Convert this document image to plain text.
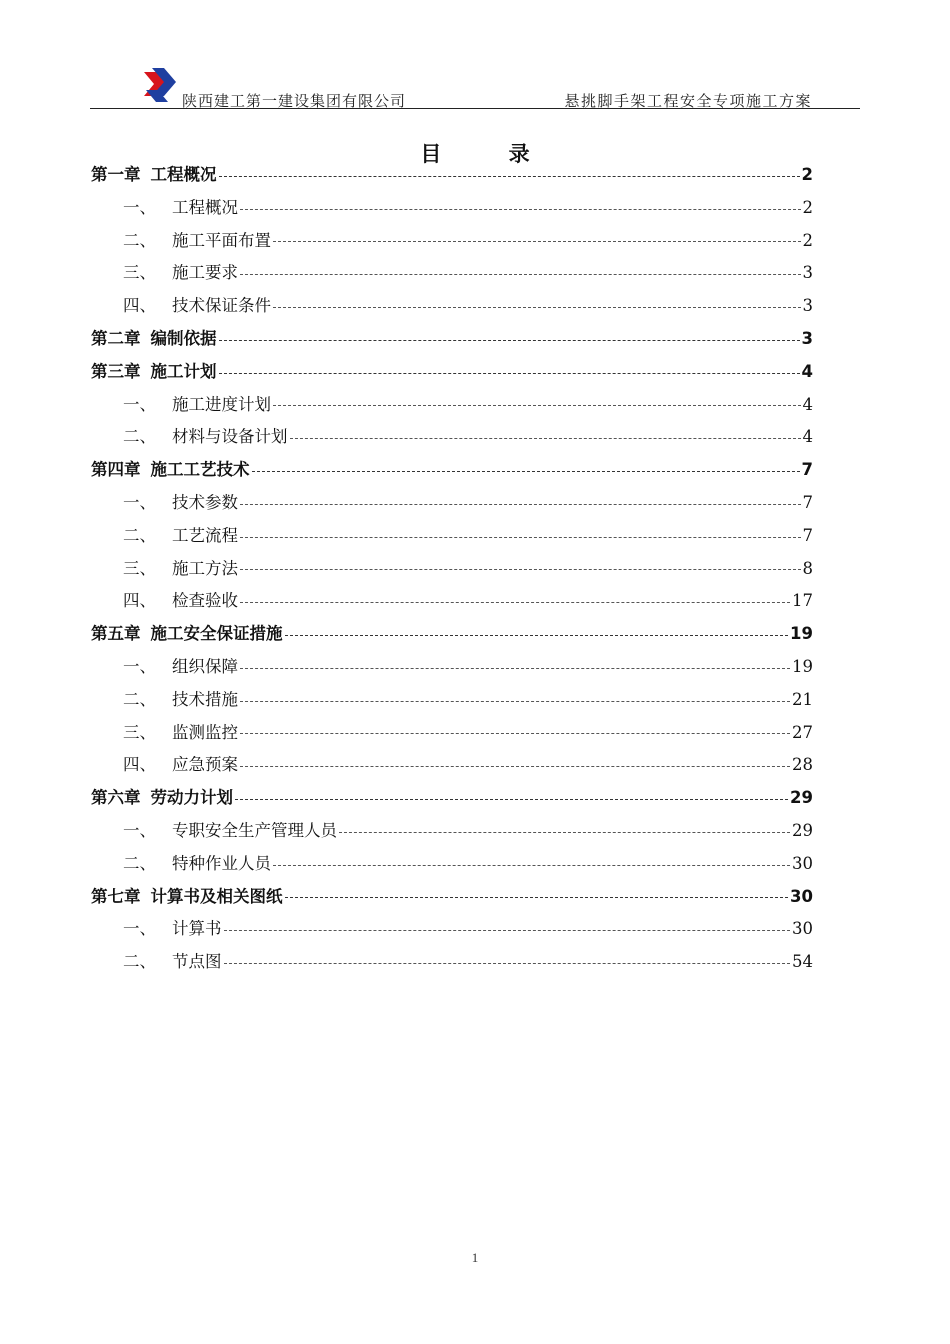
陕西建工第一建设集团有限公司	悬挑脚手架工程安全专项施工方案
目 录
第一章 工程概况	2
一、 工程概况	2
二、 施工平面布置	2
三、 施工要求	3
四、 技术保证条件	3
第二章 编制依据	3
第三章 施工计划	4
一、 施工进度计划	4
二、 材料与设备计划	4
第四章 施工工艺技术	7
一、 技术参数	7
二、 工艺流程	7
三、 施工方法	8
四、 检查验收	17
第五章 施工安全保证措施	19
一、 组织保障	19
二、 技术措施	21
三、 监测监控	27
四、 应急预案	28
第六章 劳动力计划	29
一、 专职安全生产管理人员	29
二、 特种作业人员	30
第七章 计算书及相关图纸	30
一、 计算书	30
二、 节点图	54
1
